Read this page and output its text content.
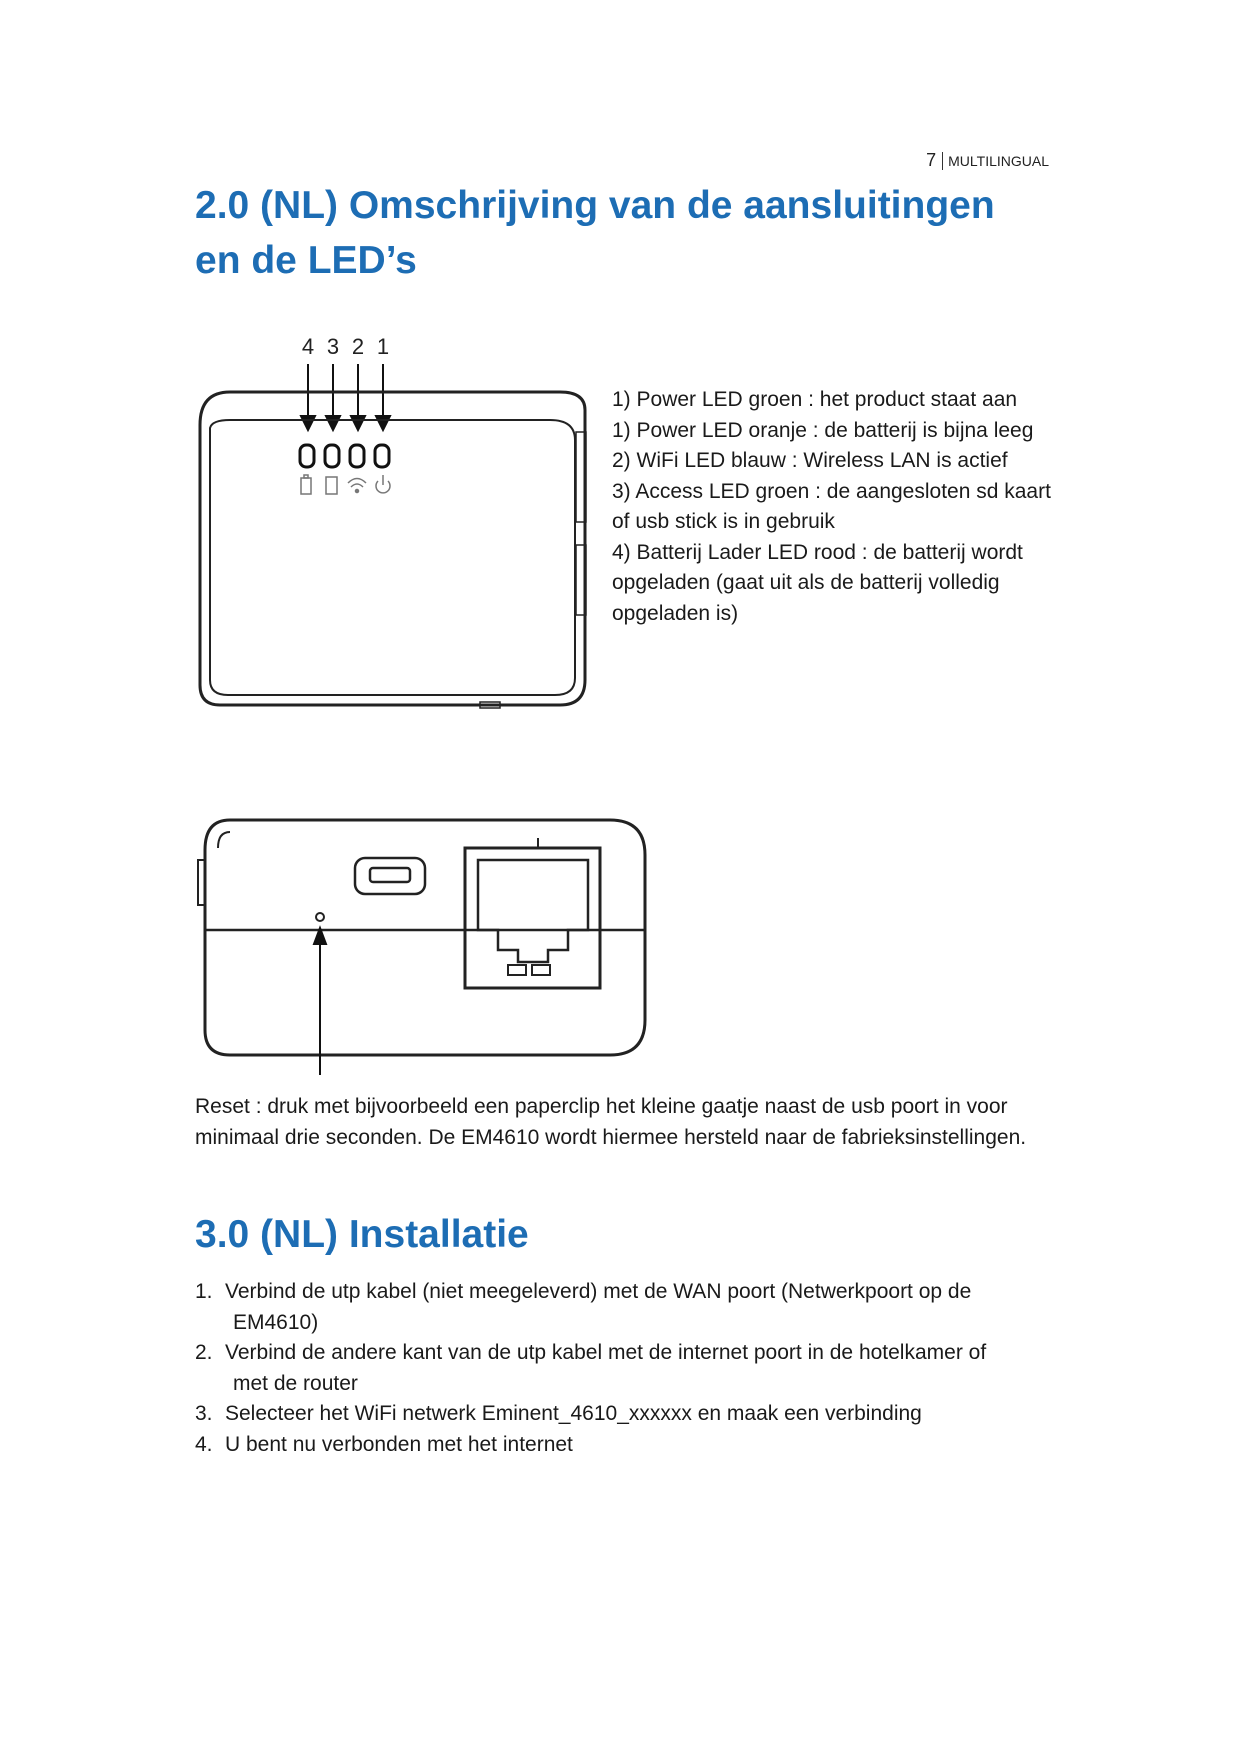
7 MULTILINGUAL
2.0 (NL) Omschrijving van de aansluitingen
en de LED’s
4 3 2 1
1) Power LED groen : het product staat aan
1) Power LED oranje : de batterij is bijna leeg
2) WiFi LED blauw : Wireless LAN is actief
3) Access LED groen : de aangesloten sd kaart of usb stick is in gebruik
4) Batterij Lader LED rood : de batterij wordt opgeladen (gaat uit als de batterij volledig opgeladen is)
Reset : druk met bijvoorbeeld een paperclip het kleine gaatje naast de usb poort in voor minimaal drie seconden. De EM4610 wordt hiermee hersteld naar de fabrieksinstellingen.
3.0 (NL) Installatie
1. Verbind de utp kabel (niet meegeleverd) met de WAN poort (Netwerkpoort op de
EM4610)
2. Verbind de andere kant van de utp kabel met de internet poort in de hotelkamer of
met de router
3. Selecteer het WiFi netwerk Eminent_4610_xxxxxx en maak een verbinding
4. U bent nu verbonden met het internet
